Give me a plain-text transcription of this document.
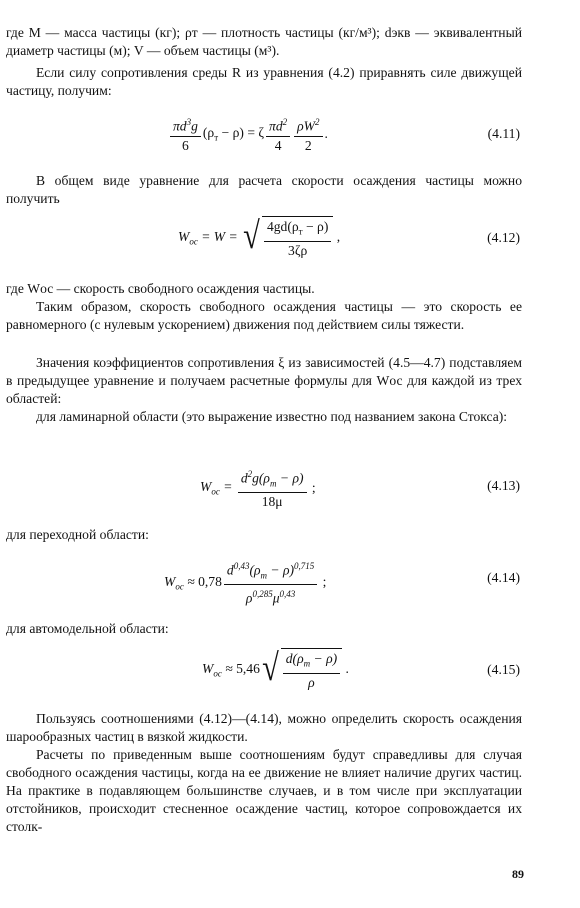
где M — масса частицы (кг); ρт — плотность частицы (кг/м³); dэкв — эквивалентный диаметр частицы (м); V — объем частицы (м³).

Если силу сопротивления среды R из уравнения (4.2) приравнять силе движущей частицу, получим:

$\frac{\pi d^3g}{6} (\rho_т - \rho) = \zeta \frac{\pi d^2}{4} \frac{\rho W^2}{2}$ .	(4.11)

В общем виде уравнение для расчета скорости осаждения частицы можно получить

$W_{ос} = W$ = √ $\frac{4gd(\rho_т - \rho)}{3\zeta\rho}$ ,	(4.12)

где Wос — скорость свободного осаждения частицы.

Таким образом, скорость свободного осаждения частицы — это скорость ее равномерного (с нулевым ускорением) движения под действием силы тяжести.

Значения коэффициентов сопротивления ξ из зависимостей (4.5—4.7) подставляем в предыдущее уравнение и получаем расчетные формулы для Wос для каждой из трех областей:

для ламинарной области (это выражение известно под названием закона Стокса):

$W_{ос} = \frac{d^2g(\rho_т - \rho)}{18\mu}$ ;	(4.13)

для переходной области:

$W_{ос} \approx 0,78 \frac{d^{0,43}(\rho_т - \rho)^{0,715}}{\rho^{0,285}\mu^{0,43}}$ ;	(4.14)

для автомодельной области:

$W_{ос} \approx 5,46$ √ $\frac{d(\rho_т - \rho)}{\rho}$ .	(4.15)

Пользуясь соотношениями (4.12)—(4.14), можно определить скорость осаждения шарообразных частиц в вязкой жидкости.

Расчеты по приведенным выше соотношениям будут справедливы для случая свободного осаждения частицы, когда на ее движение не влияет наличие других частиц. На практике в подавляющем большинстве случаев, и в том числе при эксплуатации отстойников, происходит стесненное осаждение частиц, которое сопровождается их столк-

89
